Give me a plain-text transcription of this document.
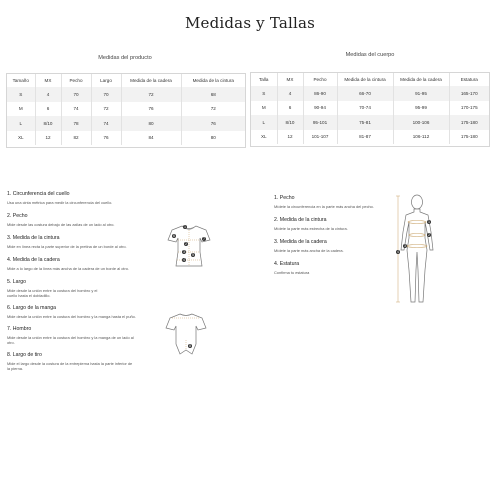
Medidas y Tallas
Medidas del producto	Medidas del cuerpo
Tamaño	MX	Pecho	Largo	Medida de la cadera	Medida de la cintura
S	4	70	70	72	68
M	6	74	72	76	72
L	8/10	78	74	80	76
XL	12	82	76	84	80
Talla	MX	Pecho	Medida de la cintura	Medida de la cadera	Estatura
S	4	86-90	66-70	91-95	165-170
M	6	90-94	70-74	95-99	170-175
L	8/10	95-101	75-81	100-106	175-180
XL	12	101-107	81-87	106-112	175-180
1. Circunferencia del cuello
Usa una cinta métrica para medir la circunferencia del cuello.
2. Pecho
Mide desde las costura debajo de las axilas de un lado al otro.
3. Medida de la cintura
Mide en línea recta la parte superior de la pretina de un borde al otro.
4. Medida de la cadera
Mide a lo largo de la línea más ancha de la cadera de un borde al otro.
5. Largo
Mide desde la unión entre la costura del hombro y el cuello hasta el dobladillo.
6. Largo de la manga
Mide desde la unión entre la costura del hombro y la manga hasta el puño.
7. Hombro
Mide desde la unión entre la costura del hombro y la manga de un lado al otro.
8. Largo de tiro
Mide el largo desde la costura de la entrepierna hasta la parte inferior de la pierna.
1
6
7
2
5
3
4
8
1. Pecho
Mídete la circunferencia en la parte más ancha del pecho.
2. Medida de la cintura
Mídete la parte más estrecha de la cintura.
3. Medida de la cadera
Mídete la parte más ancha de la cadera.
4. Estatura
Confirma tu estatura
1
2
3
4
